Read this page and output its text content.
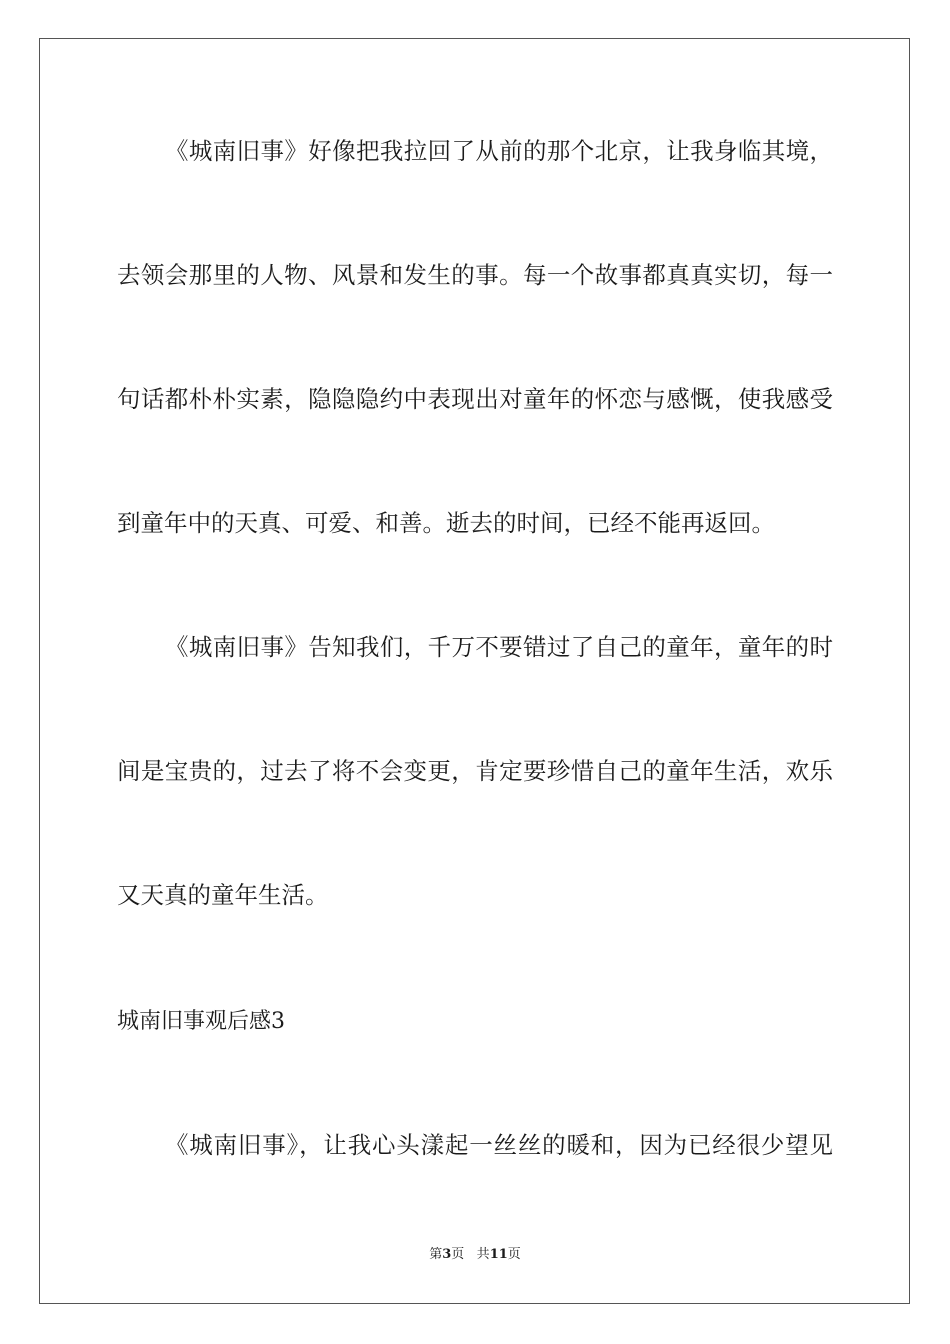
《城南旧事》好像把我拉回了从前的那个北京，让我身临其境，
去领会那里的人物、风景和发生的事。每一个故事都真真实切，每一
句话都朴朴实素，隐隐隐约中表现出对童年的怀恋与感慨，使我感受
到童年中的天真、可爱、和善。逝去的时间，已经不能再返回。
《城南旧事》告知我们，千万不要错过了自己的童年，童年的时
间是宝贵的，过去了将不会变更，肯定要珍惜自己的童年生活，欢乐
又天真的童年生活。
城南旧事观后感3
《城南旧事》，让我心头漾起一丝丝的暖和，因为已经很少望见
第3页 共11页
